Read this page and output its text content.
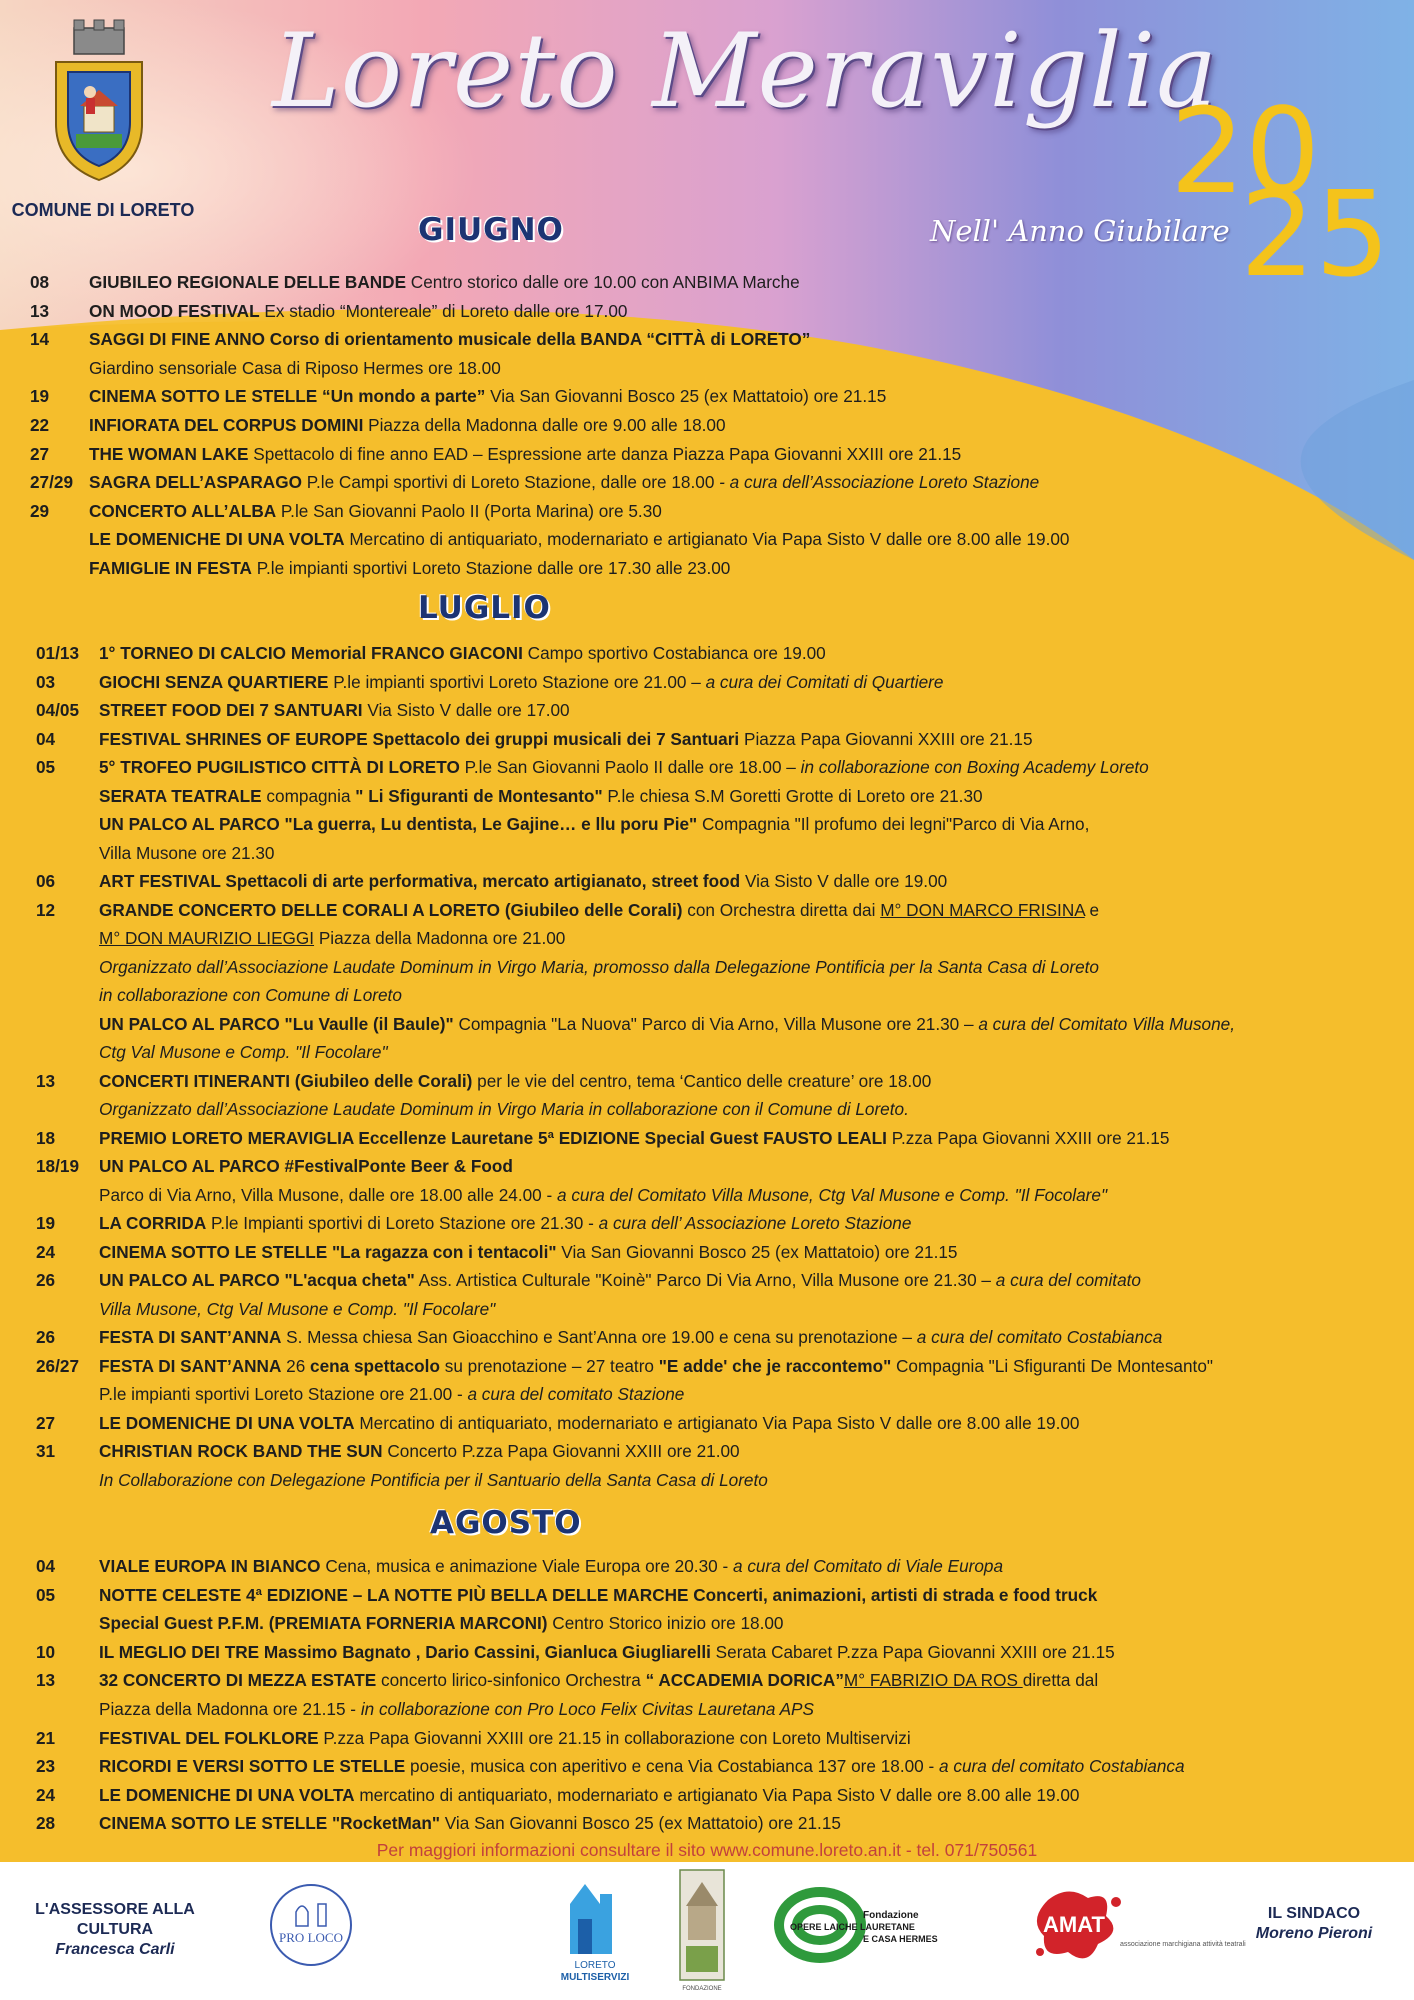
COMUNE DI LORETO
Loreto Meraviglia
Nell' Anno Giubilare
20
25
GIUGNO
LUGLIO
AGOSTO
08 GIUBILEO REGIONALE DELLE BANDE Centro storico dalle ore 10.00 con ANBIMA Marche
13 ON MOOD FESTIVAL Ex stadio “Montereale” di Loreto dalle ore 17.00
14 SAGGI DI FINE ANNO Corso di orientamento musicale della BANDA “CITTÀ di LORETO”
Giardino sensoriale Casa di Riposo Hermes ore 18.00
19 CINEMA SOTTO LE STELLE “Un mondo a parte” Via San Giovanni Bosco 25 (ex Mattatoio) ore 21.15
22 INFIORATA DEL CORPUS DOMINI Piazza della Madonna dalle ore 9.00 alle 18.00
27 THE WOMAN LAKE Spettacolo di fine anno EAD – Espressione arte danza Piazza Papa Giovanni XXIII ore 21.15
27/29 SAGRA DELL’ASPARAGO P.le Campi sportivi di Loreto Stazione, dalle ore 18.00 - a cura dell’Associazione Loreto Stazione
29 CONCERTO ALL’ALBA P.le San Giovanni Paolo II (Porta Marina) ore 5.30
LE DOMENICHE DI UNA VOLTA Mercatino di antiquariato, modernariato e artigianato Via Papa Sisto V dalle ore 8.00 alle 19.00
FAMIGLIE IN FESTA P.le impianti sportivi Loreto Stazione dalle ore 17.30 alle 23.00
01/13 1° TORNEO DI CALCIO Memorial FRANCO GIACONI Campo sportivo Costabianca ore 19.00
03	GIOCHI SENZA QUARTIERE P.le impianti sportivi Loreto Stazione ore 21.00 – a cura dei Comitati di Quartiere
04/05 STREET FOOD DEI 7 SANTUARI Via Sisto V dalle ore 17.00
04	FESTIVAL SHRINES OF EUROPE Spettacolo dei gruppi musicali dei 7 Santuari Piazza Papa Giovanni XXIII ore 21.15
05	5° TROFEO PUGILISTICO CITTÀ DI LORETO P.le San Giovanni Paolo II dalle ore 18.00 – in collaborazione con Boxing Academy Loreto
SERATA TEATRALE compagnia " Li Sfiguranti de Montesanto" P.le chiesa S.M Goretti Grotte di Loreto ore 21.30
UN PALCO AL PARCO "La guerra, Lu dentista, Le Gajine… e llu poru Pie" Compagnia "Il profumo dei legni"Parco di Via Arno,
Villa Musone ore 21.30
06	ART FESTIVAL Spettacoli di arte performativa, mercato artigianato, street food Via Sisto V dalle ore 19.00
12	GRANDE CONCERTO DELLE CORALI A LORETO (Giubileo delle Corali) con Orchestra diretta dai M° DON MARCO FRISINA e
M° DON MAURIZIO LIEGGI Piazza della Madonna ore 21.00
Organizzato dall’Associazione Laudate Dominum in Virgo Maria, promosso dalla Delegazione Pontificia per la Santa Casa di Loreto
in collaborazione con Comune di Loreto
UN PALCO AL PARCO "Lu Vaulle (il Baule)" Compagnia "La Nuova" Parco di Via Arno, Villa Musone ore 21.30 – a cura del Comitato Villa Musone,
Ctg Val Musone e Comp. "Il Focolare"
13	CONCERTI ITINERANTI (Giubileo delle Corali) per le vie del centro, tema ‘Cantico delle creature’ ore 18.00
Organizzato dall’Associazione Laudate Dominum in Virgo Maria in collaborazione con il Comune di Loreto.
18	PREMIO LORETO MERAVIGLIA Eccellenze Lauretane 5ª EDIZIONE Special Guest FAUSTO LEALI P.zza Papa Giovanni XXIII ore 21.15
18/19 UN PALCO AL PARCO #FestivalPonte Beer & Food
Parco di Via Arno, Villa Musone, dalle ore 18.00 alle 24.00 - a cura del Comitato Villa Musone, Ctg Val Musone e Comp. "Il Focolare"
19	LA CORRIDA P.le Impianti sportivi di Loreto Stazione ore 21.30 - a cura dell’ Associazione Loreto Stazione
24	CINEMA SOTTO LE STELLE "La ragazza con i tentacoli" Via San Giovanni Bosco 25 (ex Mattatoio) ore 21.15
26	UN PALCO AL PARCO "L'acqua cheta" Ass. Artistica Culturale "Koinè" Parco Di Via Arno, Villa Musone ore 21.30 – a cura del comitato
Villa Musone, Ctg Val Musone e Comp. "Il Focolare"
26	FESTA DI SANT’ANNA S. Messa chiesa San Gioacchino e Sant’Anna ore 19.00 e cena su prenotazione – a cura del comitato Costabianca
26/27 FESTA DI SANT’ANNA 26 cena spettacolo su prenotazione – 27 teatro "E adde' che je raccontemo" Compagnia "Li Sfiguranti De Montesanto"
P.le impianti sportivi Loreto Stazione ore 21.00 - a cura del comitato Stazione
27	LE DOMENICHE DI UNA VOLTA Mercatino di antiquariato, modernariato e artigianato Via Papa Sisto V dalle ore 8.00 alle 19.00
31	CHRISTIAN ROCK BAND THE SUN Concerto P.zza Papa Giovanni XXIII ore 21.00
In Collaborazione con Delegazione Pontificia per il Santuario della Santa Casa di Loreto
04	VIALE EUROPA IN BIANCO Cena, musica e animazione Viale Europa ore 20.30 - a cura del Comitato di Viale Europa
05	NOTTE CELESTE 4ª EDIZIONE – LA NOTTE PIÙ BELLA DELLE MARCHE Concerti, animazioni, artisti di strada e food truck
Special Guest P.F.M. (PREMIATA FORNERIA MARCONI) Centro Storico inizio ore 18.00
10	IL MEGLIO DEI TRE Massimo Bagnato , Dario Cassini, Gianluca Giugliarelli Serata Cabaret P.zza Papa Giovanni XXIII ore 21.15
13	32 CONCERTO DI MEZZA ESTATE concerto lirico-sinfonico Orchestra “ ACCADEMIA DORICA”M° FABRIZIO DA ROS diretta dal
Piazza della Madonna ore 21.15 - in collaborazione con Pro Loco Felix Civitas Lauretana APS
21	FESTIVAL DEL FOLKLORE P.zza Papa Giovanni XXIII ore 21.15 in collaborazione con Loreto Multiservizi
23	RICORDI E VERSI SOTTO LE STELLE poesie, musica con aperitivo e cena Via Costabianca 137 ore 18.00 - a cura del comitato Costabianca
24	LE DOMENICHE DI UNA VOLTA mercatino di antiquariato, modernariato e artigianato Via Papa Sisto V dalle ore 8.00 alle 19.00
28	CINEMA SOTTO LE STELLE "RocketMan" Via San Giovanni Bosco 25 (ex Mattatoio) ore 21.15
Per maggiori informazioni consultare il sito www.comune.loreto.an.it - tel. 071/750561
L'ASSESSORE ALLA CULTURA
Francesca Carli
PRO LOCO
LORETO
MULTISERVIZI
FONDAZIONE
Fondazione
OPERE LAICHE LAURETANE
E CASA HERMES
AMAT
associazione marchigiana attività teatrali
IL SINDACO
Moreno Pieroni
